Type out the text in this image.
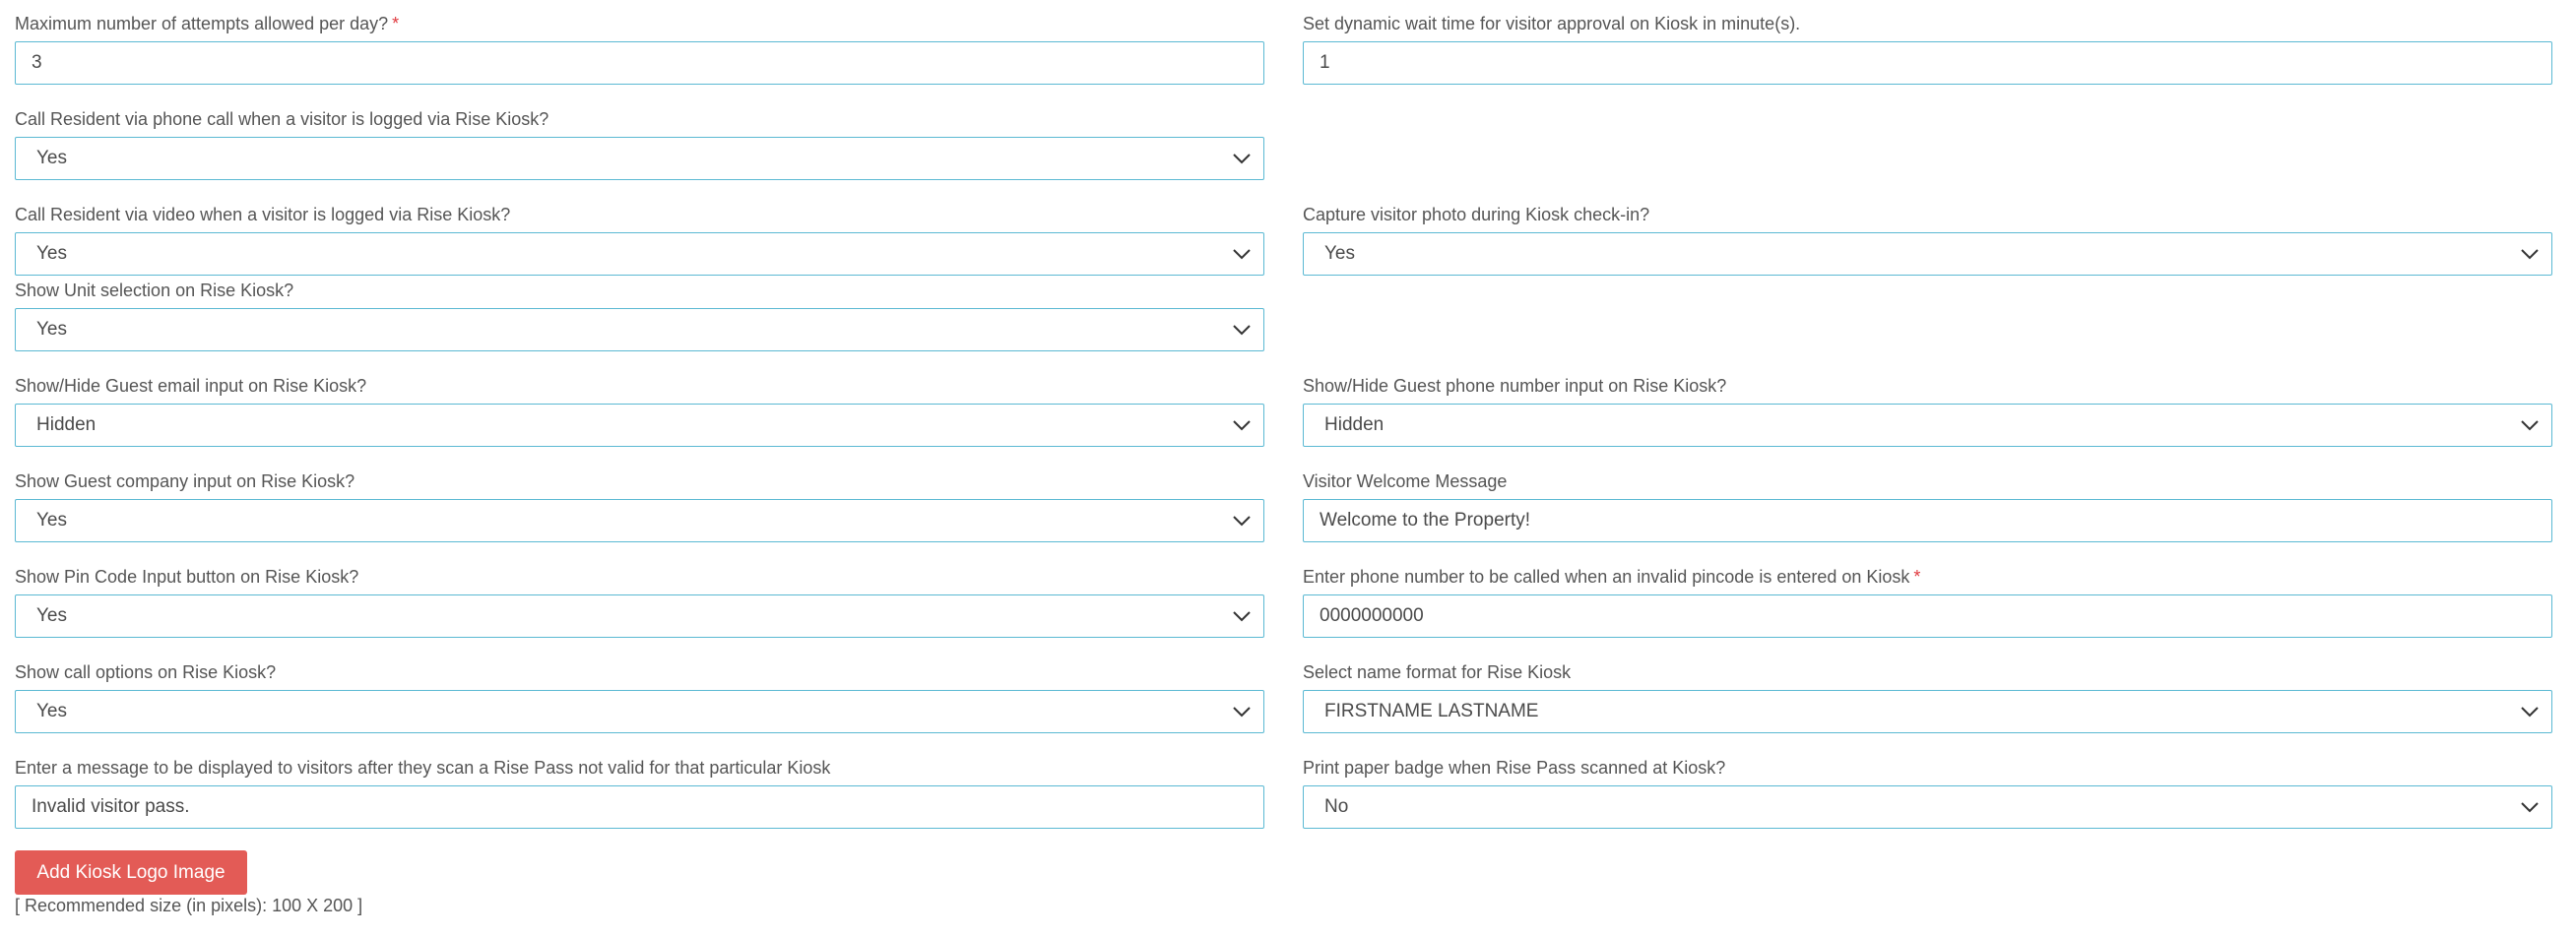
Maximum number of attempts allowed per day? *
3
Set dynamic wait time for visitor approval on Kiosk in minute(s).
1
Call Resident via phone call when a visitor is logged via Rise Kiosk?
Yes
Call Resident via video when a visitor is logged via Rise Kiosk?
Yes
Capture visitor photo during Kiosk check-in?
Yes
Show Unit selection on Rise Kiosk?
Yes
Show/Hide Guest email input on Rise Kiosk?
Hidden
Show/Hide Guest phone number input on Rise Kiosk?
Hidden
Show Guest company input on Rise Kiosk?
Yes
Visitor Welcome Message
Welcome to the Property!
Show Pin Code Input button on Rise Kiosk?
Yes
Enter phone number to be called when an invalid pincode is entered on Kiosk *
0000000000
Show call options on Rise Kiosk?
Yes
Select name format for Rise Kiosk
FIRSTNAME LASTNAME
Enter a message to be displayed to visitors after they scan a Rise Pass not valid for that particular Kiosk
Invalid visitor pass.
Print paper badge when Rise Pass scanned at Kiosk?
No
Add Kiosk Logo Image
[ Recommended size (in pixels): 100 X 200 ]
